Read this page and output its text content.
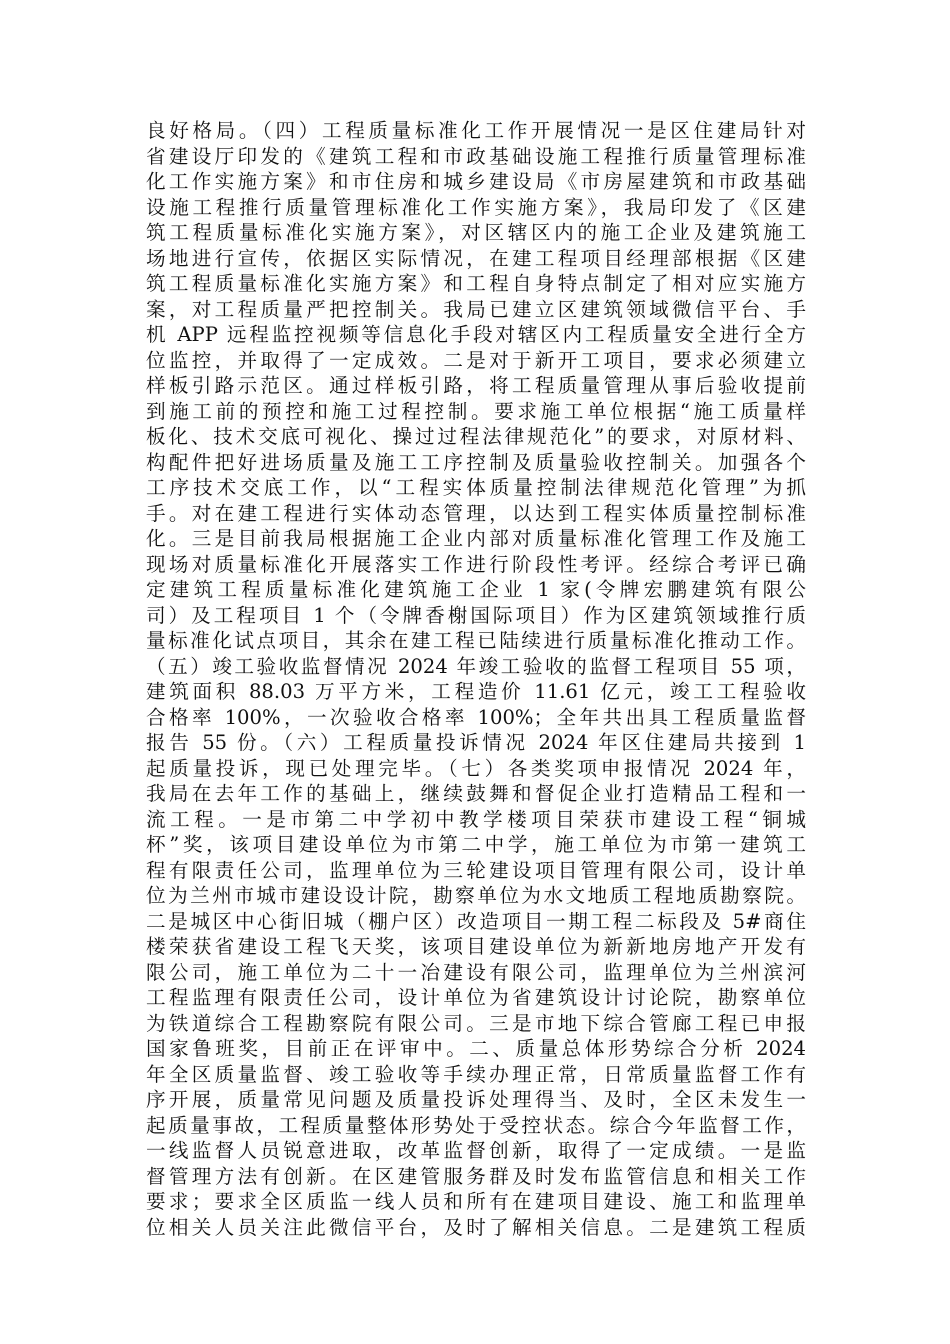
良好格局。（四）工程质量标准化工作开展情况一是区住建局针对
省建设厅印发的《建筑工程和市政基础设施工程推行质量管理标准
化工作实施方案》和市住房和城乡建设局《市房屋建筑和市政基础
设施工程推行质量管理标准化工作实施方案》，我局印发了《区建
筑工程质量标准化实施方案》，对区辖区内的施工企业及建筑施工
场地进行宣传，依据区实际情况，在建工程项目经理部根据《区建
筑工程质量标准化实施方案》和工程自身特点制定了相对应实施方
案，对工程质量严把控制关。我局已建立区建筑领域微信平台、手
机 APP 远程监控视频等信息化手段对辖区内工程质量安全进行全方
位监控，并取得了一定成效。二是对于新开工项目，要求必须建立
样板引路示范区。通过样板引路，将工程质量管理从事后验收提前
到施工前的预控和施工过程控制。要求施工单位根据“施工质量样
板化、技术交底可视化、操过过程法律规范化”的要求，对原材料、
构配件把好进场质量及施工工序控制及质量验收控制关。加强各个
工序技术交底工作，以“工程实体质量控制法律规范化管理”为抓
手。对在建工程进行实体动态管理，以达到工程实体质量控制标准
化。三是目前我局根据施工企业内部对质量标准化管理工作及施工
现场对质量标准化开展落实工作进行阶段性考评。经综合考评已确
定建筑工程质量标准化建筑施工企业 1 家(令牌宏鹏建筑有限公
司）及工程项目 1 个（令牌香榭国际项目）作为区建筑领域推行质
量标准化试点项目，其余在建工程已陆续进行质量标准化推动工作。
（五）竣工验收监督情况 2024 年竣工验收的监督工程项目 55 项，
建筑面积 88.03 万平方米，工程造价 11.61 亿元，竣工工程验收
合格率 100%，一次验收合格率 100%；全年共出具工程质量监督
报告 55 份。（六）工程质量投诉情况 2024 年区住建局共接到 1
起质量投诉，现已处理完毕。（七）各类奖项申报情况 2024 年，
我局在去年工作的基础上，继续鼓舞和督促企业打造精品工程和一
流工程。一是市第二中学初中教学楼项目荣获市建设工程“铜城
杯”奖，该项目建设单位为市第二中学，施工单位为市第一建筑工
程有限责任公司，监理单位为三轮建设项目管理有限公司，设计单
位为兰州市城市建设设计院，勘察单位为水文地质工程地质勘察院。
二是城区中心街旧城（棚户区）改造项目一期工程二标段及 5#商住
楼荣获省建设工程飞天奖，该项目建设单位为新新地房地产开发有
限公司，施工单位为二十一冶建设有限公司，监理单位为兰州滨河
工程监理有限责任公司，设计单位为省建筑设计讨论院，勘察单位
为铁道综合工程勘察院有限公司。三是市地下综合管廊工程已申报
国家鲁班奖，目前正在评审中。二、质量总体形势综合分析 2024
年全区质量监督、竣工验收等手续办理正常，日常质量监督工作有
序开展，质量常见问题及质量投诉处理得当、及时，全区未发生一
起质量事故，工程质量整体形势处于受控状态。综合今年监督工作，
一线监督人员锐意进取，改革监督创新，取得了一定成绩。一是监
督管理方法有创新。在区建管服务群及时发布监管信息和相关工作
要求；要求全区质监一线人员和所有在建项目建设、施工和监理单
位相关人员关注此微信平台，及时了解相关信息。二是建筑工程质
